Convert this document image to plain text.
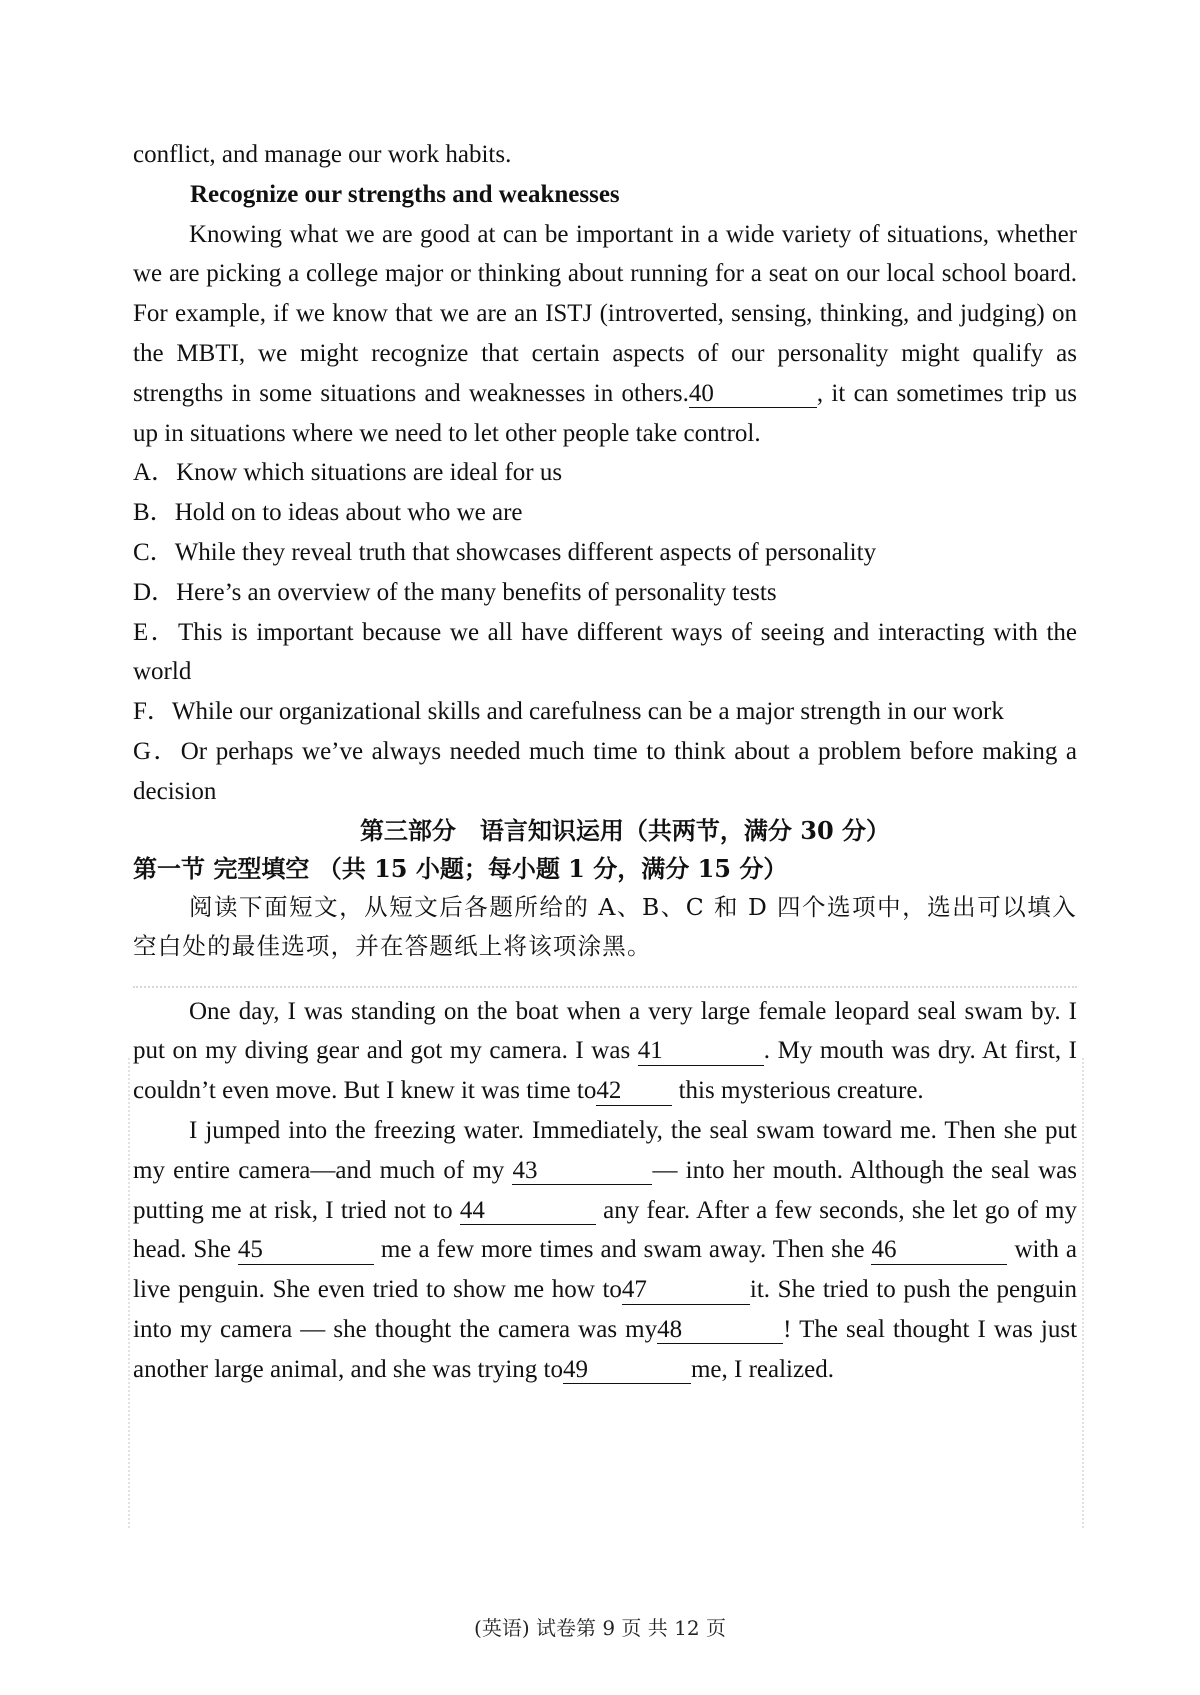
conflict, and manage our work habits.

Recognize our strengths and weaknesses

Knowing what we are good at can be important in a wide variety of situations, whether we are picking a college major or thinking about running for a seat on our local school board. For example, if we know that we are an ISTJ (introverted, sensing, thinking, and judging) on the MBTI, we might recognize that certain aspects of our personality might qualify as strengths in some situations and weaknesses in others.40	, it can sometimes trip us up in situations where we need to let other people take control.

A．Know which situations are ideal for us

B．Hold on to ideas about who we are

C．While they reveal truth that showcases different aspects of personality

D．Here’s an overview of the many benefits of personality tests

E．This is important because we all have different ways of seeing and interacting with the world

F．While our organizational skills and carefulness can be a major strength in our work

G．Or perhaps we’ve always needed much time to think about a problem before making a decision

第三部分　语言知识运用（共两节，满分 30 分）

第一节 完型填空 （共 15 小题；每小题 1 分，满分 15 分）

阅读下面短文，从短文后各题所给的 A、B、C 和 D 四个选项中，选出可以填入空白处的最佳选项，并在答题纸上将该项涂黑。

One day, I was standing on the boat when a very large female leopard seal swam by. I put on my diving gear and got my camera. I was 41	. My mouth was dry. At first, I couldn’t even move. But I knew it was time to42 this mysterious creature.

I jumped into the freezing water. Immediately, the seal swam toward me. Then she put my entire camera—and much of my 43	— into her mouth. Although the seal was putting me at risk, I tried not to 44	any fear. After a few seconds, she let go of my head. She 45	me a few more times and swam away. Then she 46	with a live penguin. She even tried to show me how to47	it. She tried to push the penguin into my camera — she thought the camera was my48	! The seal thought I was just another large animal, and she was trying to49	me, I realized.

(英语) 试卷第 9 页 共 12 页
